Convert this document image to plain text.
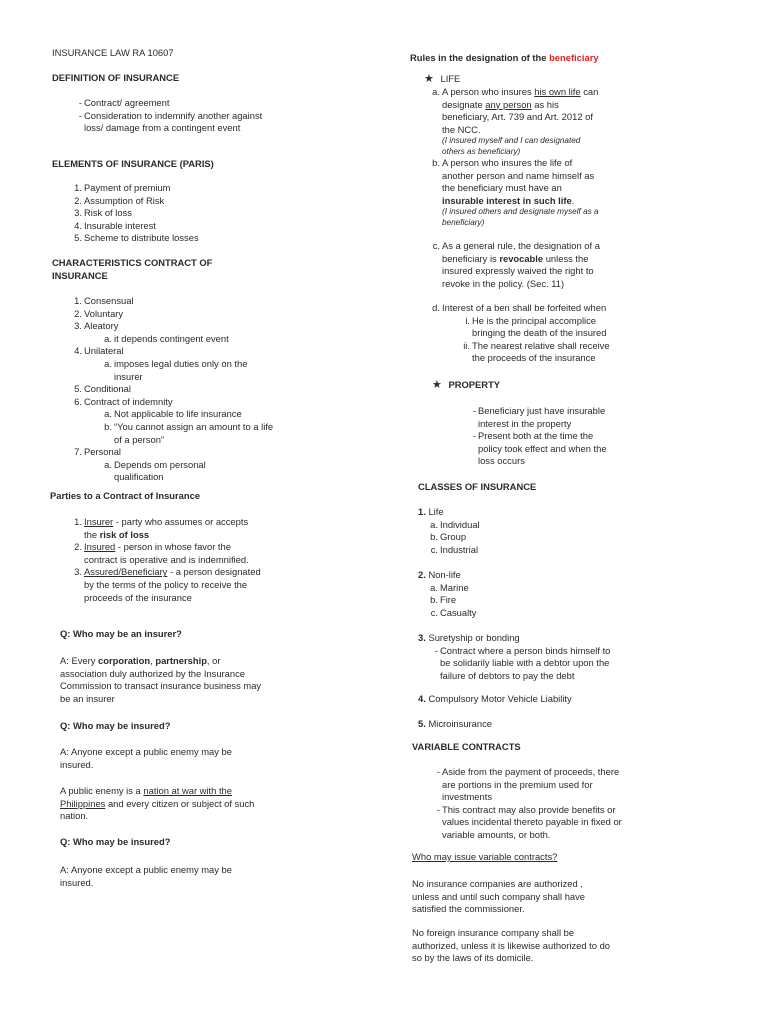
INSURANCE LAW RA 10607

DEFINITION OF INSURANCE

- Contract/ agreement
- Consideration to indemnify another against loss/ damage from a contingent event

ELEMENTS OF INSURANCE (PARIS)

1. Payment of premium
2. Assumption of Risk
3. Risk of loss
4. Insurable interest
5. Scheme to distribute losses

CHARACTERISTICS CONTRACT OF INSURANCE

1. Consensual
2. Voluntary
3. Aleatory
a. it depends contingent event
4. Unilateral
a. imposes legal duties only on the insurer
5. Conditional
6. Contract of indemnity
a. Not applicable to life insurance
b. “You cannot assign an amount to a life of a person”
7. Personal
a. Depends om personal qualification

Parties to a Contract of Insurance

1. Insurer - party who assumes or accepts the risk of loss
2. Insured - person in whose favor the contract is operative and is indemnified.
3. Assured/Beneficiary - a person designated by the terms of the policy to receive the proceeds of the insurance

Q: Who may be an insurer?

A: Every corporation, partnership, or association duly authorized by the Insurance Commission to transact insurance business may be an insurer

Q: Who may be insured?

A: Anyone except a public enemy may be insured.

A public enemy is a nation at war with the Philippines and every citizen or subject of such nation.

Q: Who may be insured?

A: Anyone except a public enemy may be insured.

Rules in the designation of the beneficiary

★ LIFE
a. A person who insures his own life can designate any person as his beneficiary, Art. 739 and Art. 2012 of the NCC.
(I insured myself and I can designated others as beneficiary)
b. A person who insures the life of another person and name himself as the beneficiary must have an insurable interest in such life.
(I insured others and designate myself as a beneficiary)
c. As a general rule, the designation of a beneficiary is revocable unless the insured expressly waived the right to revoke in the policy. (Sec. 11)
d. Interest of a ben shall be forfeited when
i. He is the principal accomplice bringing the death of the insured
ii. The nearest relative shall receive the proceeds of the insurance
★ PROPERTY
- Beneficiary just have insurable interest in the property
- Present both at the time the policy took effect and when the loss occurs

CLASSES OF INSURANCE

1. Life
a. Individual
b. Group
c. Industrial
2. Non-life
a. Marine
b. Fire
c. Casualty
3. Suretyship or bonding
- Contract where a person binds himself to be solidarily liable with a debtor upon the failure of debtors to pay the debt
4. Compulsory Motor Vehicle Liability
5. Microinsurance

VARIABLE CONTRACTS

- Aside from the payment of proceeds, there are portions in the premium used for investments
- This contract may also provide benefits or values incidental thereto payable in fixed or variable amounts, or both.

Who may issue variable contracts?

No insurance companies are authorized , unless and until such company shall have satisfied the commissioner.

No foreign insurance company shall be authorized, unless it is likewise authorized to do so by the laws of its domicile.
